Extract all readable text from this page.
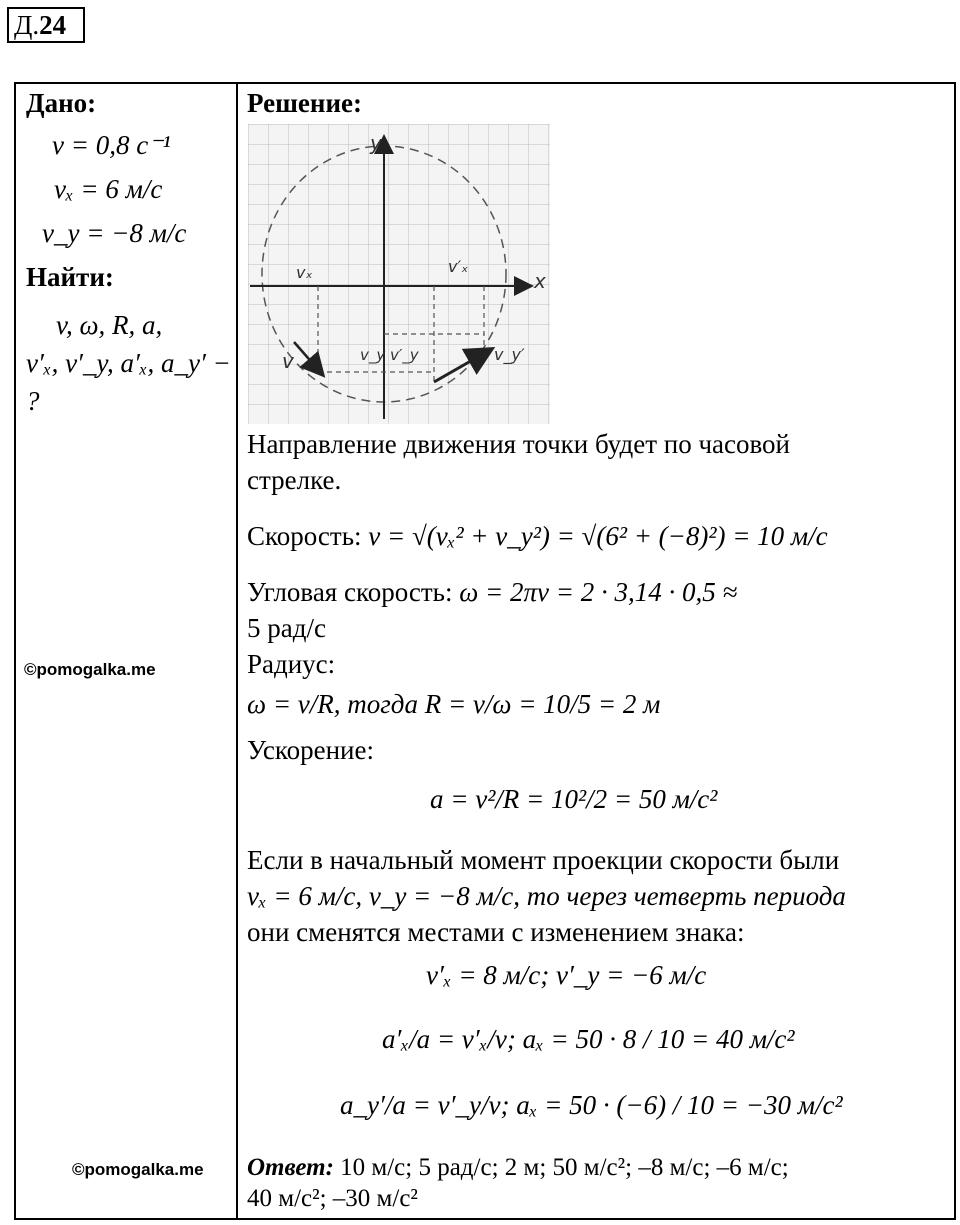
Д.24
Дано:
ν = 0,8 с⁻¹
vₓ = 6 м/с
v_y = −8 м/с
Найти:
v, ω, R, a,
v′ₓ, v′_y, a′ₓ, a_y′ −
?
©pomogalka.me
©pomogalka.me
Решение:
y
x
vₓ	v′ₓ
v_y v′_y
v	v_y′
Направление движения точки будет по часовой
стрелке.
Скорость: v = √(vₓ² + v_y²) = √(6² + (−8)²) = 10 м/с
Угловая скорость: ω = 2πν = 2 · 3,14 · 0,5 ≈
5 рад/с
Радиус:
ω = v/R, тогда R = v/ω = 10/5 = 2 м
Ускорение:
a = v²/R = 10²/2 = 50 м/с²
Если в начальный момент проекции скорости были
vₓ = 6 м/с, v_y = −8 м/с, то через четверть периода
они сменятся местами с изменением знака:
v′ₓ = 8 м/с; v′_y = −6 м/с
a′ₓ/a = v′ₓ/v; aₓ = 50 · 8 / 10 = 40 м/с²
a_y′/a = v′_y/v; aₓ = 50 · (−6) / 10 = −30 м/с²
Ответ: 10 м/с; 5 рад/с; 2 м; 50 м/с²; –8 м/с; –6 м/с;
40 м/с²; –30 м/с²
